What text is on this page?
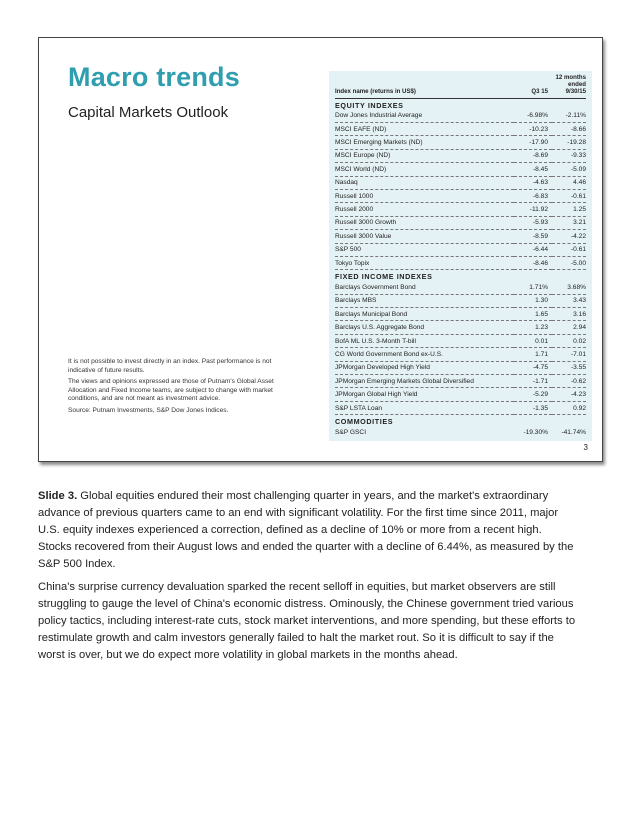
Macro trends
Capital Markets Outlook

It is not possible to invest directly in an index. Past performance is not indicative of future results.

The views and opinions expressed are those of Putnam's Global Asset Allocation and Fixed Income teams, are subject to change with market conditions, and are not meant as investment advice.

Source: Putnam Investments, S&P Dow Jones Indices.

Index name (returns in US$)	Q3 15	12 months ended 9/30/15
EQUITY INDEXES		
Dow Jones Industrial Average	-6.98%	-2.11%
MSCI EAFE (ND)	-10.23	-8.66
MSCI Emerging Markets (ND)	-17.90	-19.28
MSCI Europe (ND)	-8.69	-9.33
MSCI World (ND)	-8.45	-5.09
Nasdaq	-4.63	4.46
Russell 1000	-6.83	-0.61
Russell 2000	-11.92	1.25
Russell 3000 Growth	-5.93	3.21
Russell 3000 Value	-8.59	-4.22
S&P 500	-6.44	-0.61
Tokyo Topix	-8.46	-5.00
FIXED INCOME INDEXES		
Barclays Government Bond	1.71%	3.68%
Barclays MBS	1.30	3.43
Barclays Municipal Bond	1.65	3.16
Barclays U.S. Aggregate Bond	1.23	2.94
BofA ML U.S. 3-Month T-bill	0.01	0.02
CG World Government Bond ex-U.S.	1.71	-7.01
JPMorgan Developed High Yield	-4.75	-3.55
JPMorgan Emerging Markets Global Diversified	-1.71	-0.62
JPMorgan Global High Yield	-5.29	-4.23
S&P LSTA Loan	-1.35	0.92
COMMODITIES		
S&P GSCI	-19.30%	-41.74%
3

Slide 3. Global equities endured their most challenging quarter in years, and the market's extraordinary advance of previous quarters came to an end with significant volatility. For the first time since 2011, major U.S. equity indexes experienced a correction, defined as a decline of 10% or more from a recent high. Stocks recovered from their August lows and ended the quarter with a decline of 6.44%, as measured by the S&P 500 Index.

China's surprise currency devaluation sparked the recent selloff in equities, but market observers are still struggling to gauge the level of China's economic distress. Ominously, the Chinese government tried various policy tactics, including interest-rate cuts, stock market interventions, and more spending, but these efforts to restimulate growth and calm investors generally failed to halt the market rout. So it is difficult to say if the worst is over, but we do expect more volatility in global markets in the months ahead.
